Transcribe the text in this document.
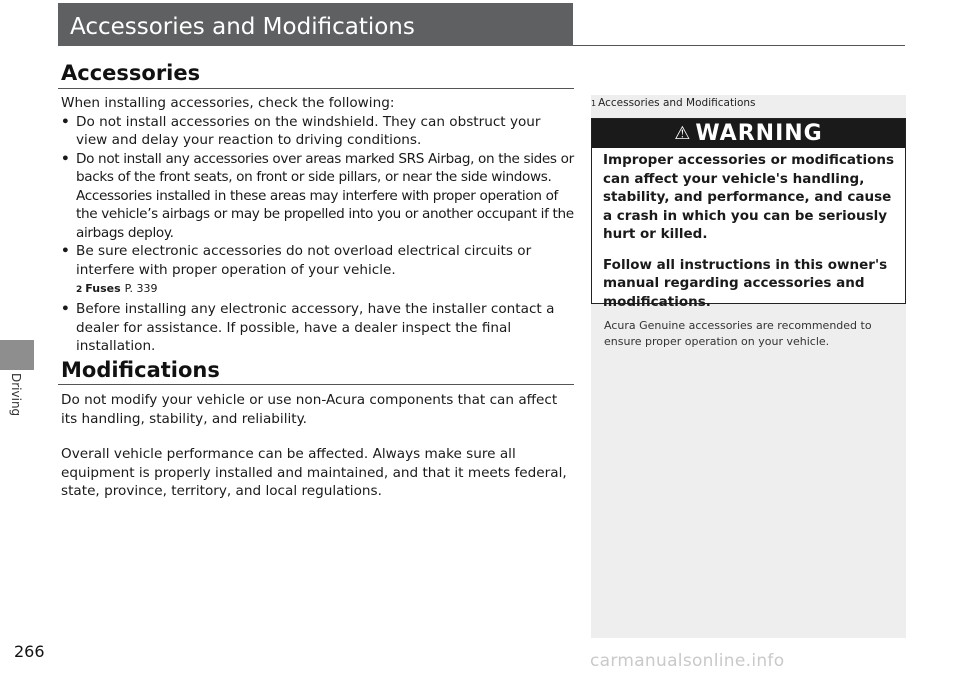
Driving
Accessories and Modifications
Accessories

When installing accessories, check the following:

• Do not install accessories on the windshield. They can obstruct your view and delay your reaction to driving conditions.
• Do not install any accessories over areas marked SRS Airbag, on the sides or backs of the front seats, on front or side pillars, or near the side windows. Accessories installed in these areas may interfere with proper operation of the vehicle’s airbags or may be propelled into you or another occupant if the airbags deploy.
• Be sure electronic accessories do not overload electrical circuits or interfere with proper operation of your vehicle.
2 Fuses P. 339
• Before installing any electronic accessory, have the installer contact a dealer for assistance. If possible, have a dealer inspect the final installation.
Modifications

Do not modify your vehicle or use non-Acura components that can affect its handling, stability, and reliability.

Overall vehicle performance can be affected. Always make sure all equipment is properly installed and maintained, and that it meets federal, state, province, territory, and local regulations.

1 Accessories and Modifications
⚠ WARNING

Improper accessories or modifications can affect your vehicle's handling, stability, and performance, and cause a crash in which you can be seriously hurt or killed.

Follow all instructions in this owner's manual regarding accessories and modifications.

Acura Genuine accessories are recommended to ensure proper operation on your vehicle.

266	carmanualsonline.info
